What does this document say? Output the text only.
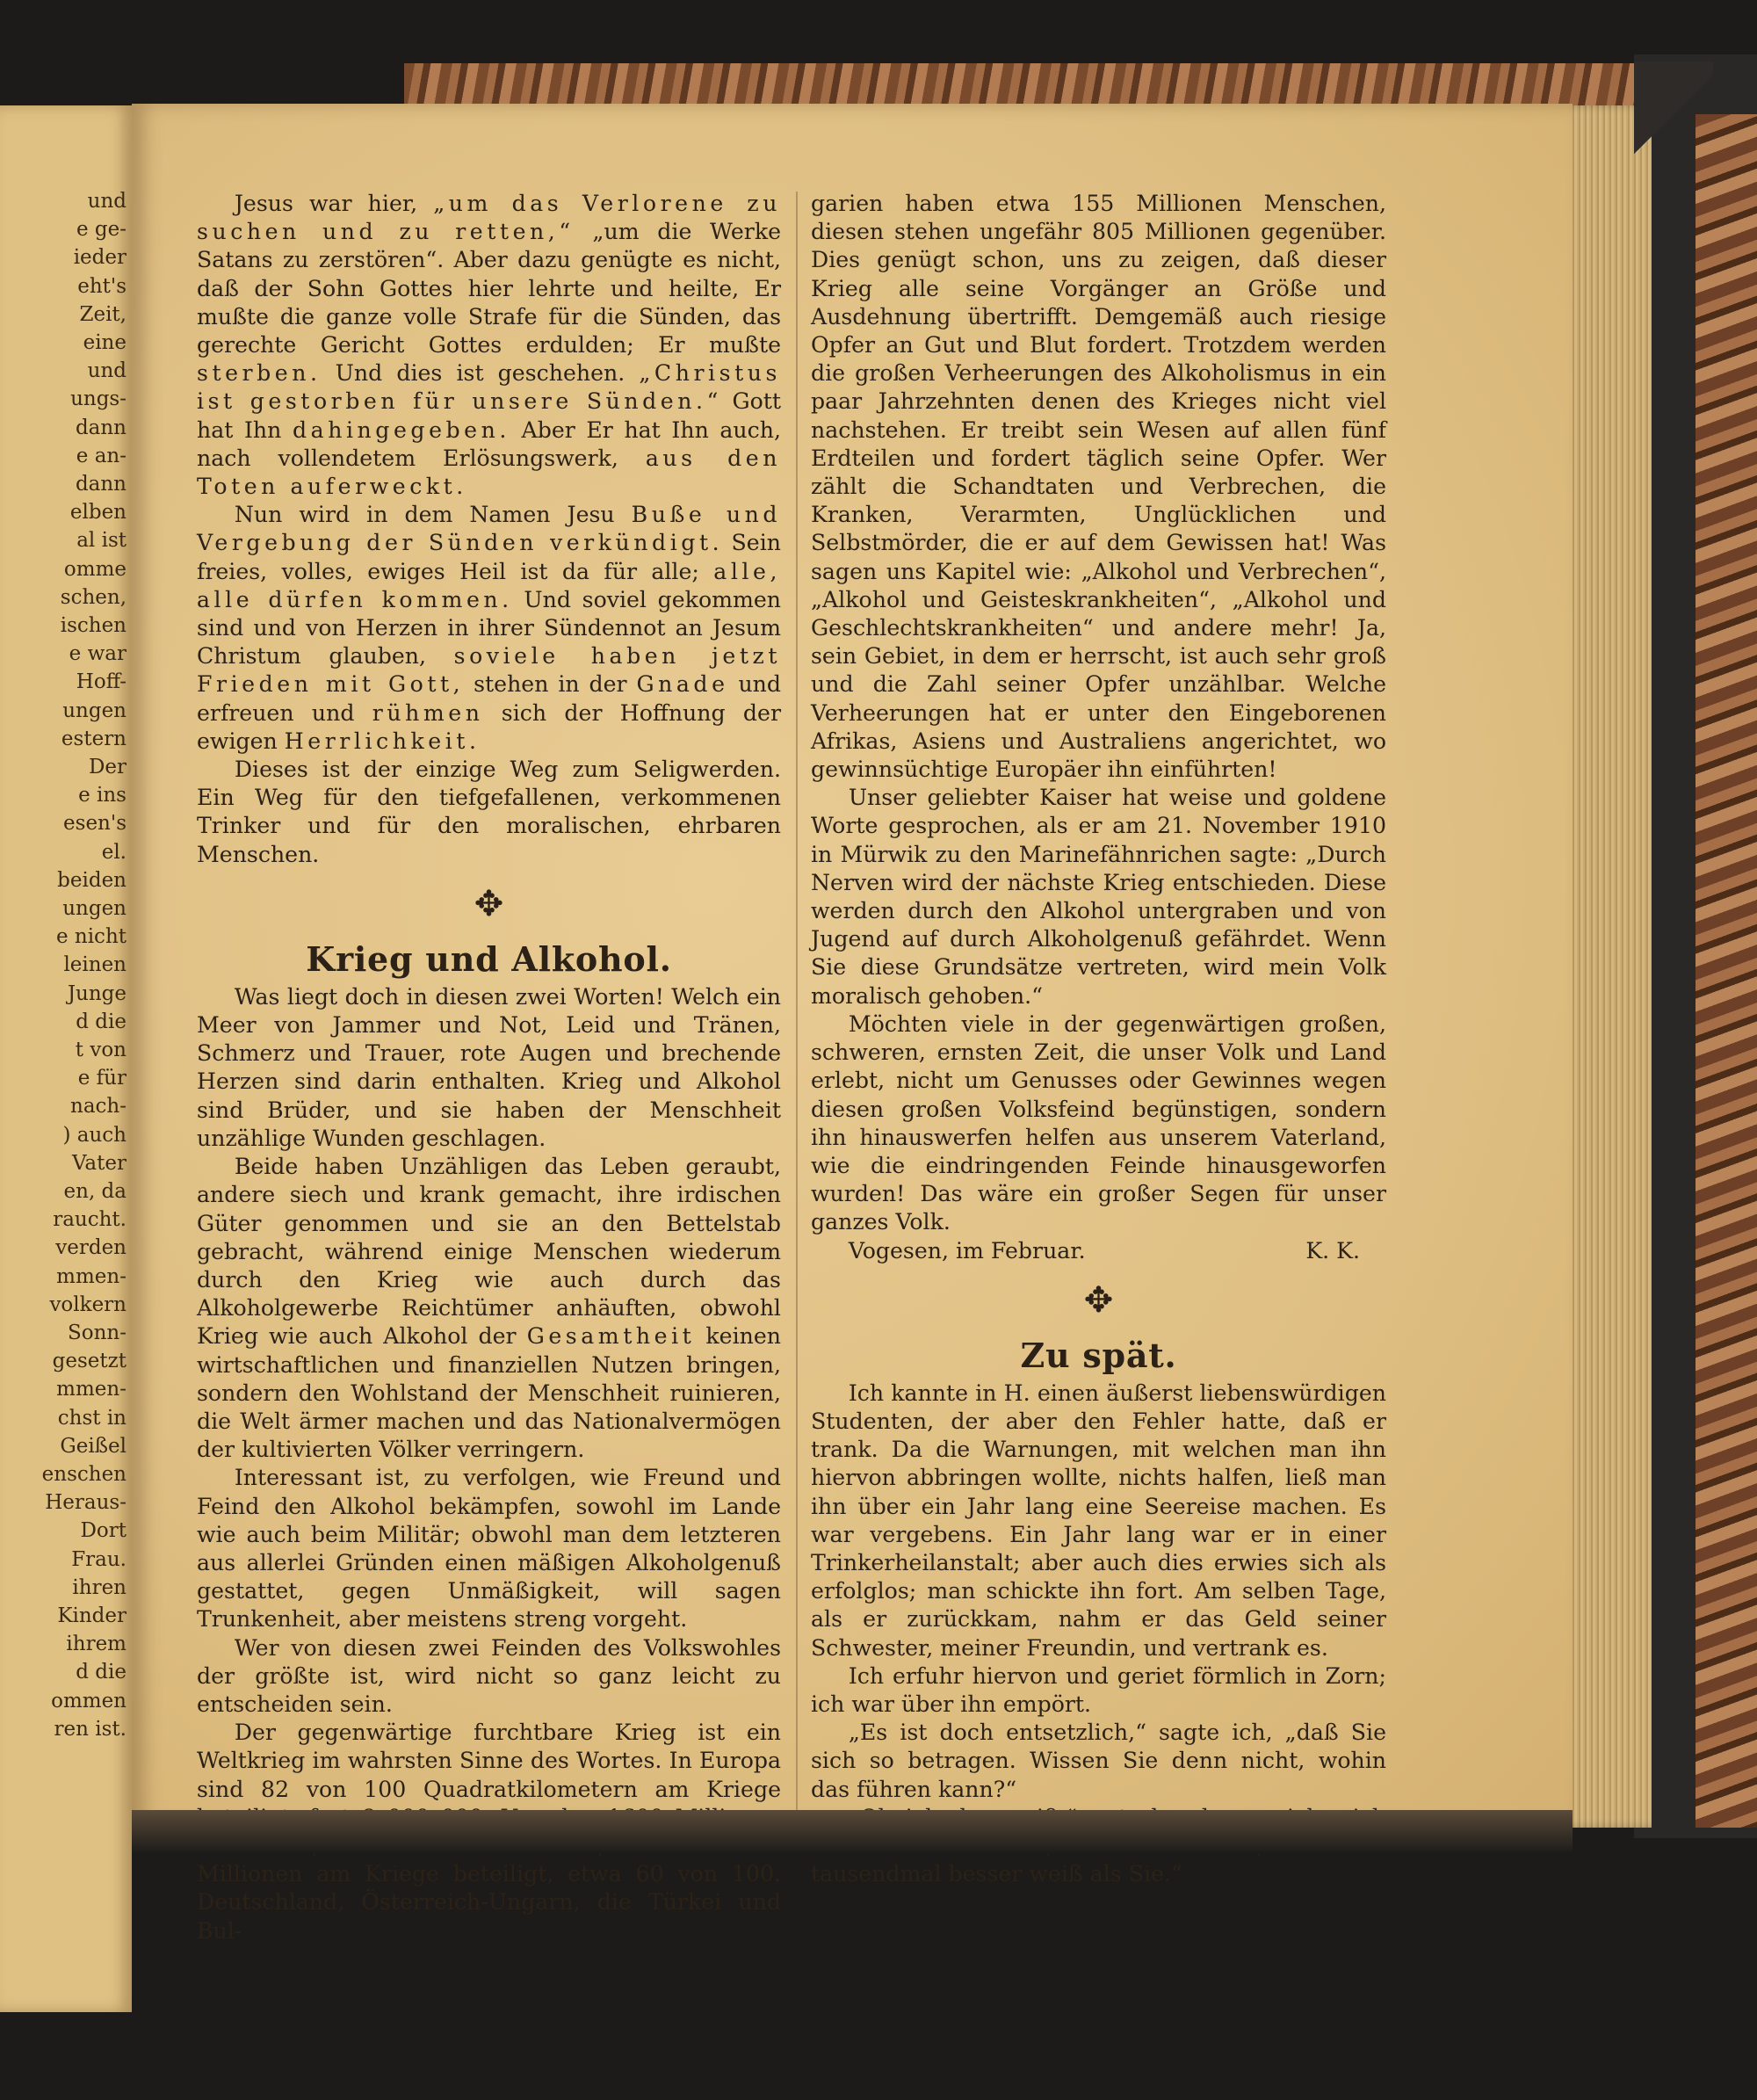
und
e ge-
ieder
eht's
Zeit,
eine
und
ungs-
dann
e an-
dann
elben
al ist
omme
schen,
ischen
e war
Hoff-
ungen
estern
Der
e ins
esen's
el.
beiden
ungen
e nicht
leinen
Junge
d die
t von
e für
nach-
) auch
Vater
en, da
raucht.
verden
mmen-
volkern
Sonn-
gesetzt
mmen-
chst in
Geißel
enschen
Heraus-
Dort
Frau.
ihren
Kinder
ihrem
d die
ommen
ren ist.

Jesus war hier, „um das Verlorene zu suchen und zu retten,“ „um die Werke Satans zu zerstören“. Aber dazu genügte es nicht, daß der Sohn Gottes hier lehrte und heilte, Er mußte die ganze volle Strafe für die Sünden, das gerechte Gericht Gottes erdulden; Er mußte sterben. Und dies ist geschehen. „Christus ist gestorben für unsere Sünden.“ Gott hat Ihn dahingegeben. Aber Er hat Ihn auch, nach vollendetem Erlösungswerk, aus den Toten auferweckt.

Nun wird in dem Namen Jesu Buße und Vergebung der Sünden verkündigt. Sein freies, volles, ewiges Heil ist da für alle; alle, alle dürfen kommen. Und soviel gekommen sind und von Herzen in ihrer Sündennot an Jesum Christum glauben, soviele haben jetzt Frieden mit Gott, stehen in der Gnade und erfreuen und rühmen sich der Hoffnung der ewigen Herrlichkeit.

Dieses ist der einzige Weg zum Seligwerden. Ein Weg für den tiefgefallenen, verkommenen Trinker und für den moralischen, ehrbaren Menschen.

✥
Krieg und Alkohol.

Was liegt doch in diesen zwei Worten! Welch ein Meer von Jammer und Not, Leid und Tränen, Schmerz und Trauer, rote Augen und brechende Herzen sind darin enthalten. Krieg und Alkohol sind Brüder, und sie haben der Menschheit unzählige Wunden geschlagen.

Beide haben Unzähligen das Leben geraubt, andere siech und krank gemacht, ihre irdischen Güter genommen und sie an den Bettelstab gebracht, während einige Menschen wiederum durch den Krieg wie auch durch das Alkoholgewerbe Reichtümer anhäuften, obwohl Krieg wie auch Alkohol der Gesamtheit keinen wirtschaftlichen und finanziellen Nutzen bringen, sondern den Wohlstand der Menschheit ruinieren, die Welt ärmer machen und das Nationalvermögen der kultivierten Völker verringern.

Interessant ist, zu verfolgen, wie Freund und Feind den Alkohol bekämpfen, sowohl im Lande wie auch beim Militär; obwohl man dem letzteren aus allerlei Gründen einen mäßigen Alkoholgenuß gestattet, gegen Unmäßigkeit, will sagen Trunkenheit, aber meistens streng vorgeht.

Wer von diesen zwei Feinden des Volkswohles der größte ist, wird nicht so ganz leicht zu entscheiden sein.

Der gegenwärtige furchtbare Krieg ist ein Weltkrieg im wahrsten Sinne des Wortes. In Europa sind 82 von 100 Quadratkilometern am Kriege Millionen am Kriege beteiligt, etwa 60 von 100. Deutschland, Österreich-Ungarn, die Türkei und Bul-

garien haben etwa 155 Millionen Menschen, diesen stehen ungefähr 805 Millionen gegenüber. Dies genügt schon, uns zu zeigen, daß dieser Krieg alle seine Vorgänger an Größe und Ausdehnung übertrifft. Demgemäß auch riesige Opfer an Gut und Blut fordert. Trotzdem werden die großen Verheerungen des Alkoholismus in ein paar Jahrzehnten denen des Krieges nicht viel nachstehen. Er treibt sein Wesen auf allen fünf Erdteilen und fordert täglich seine Opfer. Wer zählt die Schandtaten und Verbrechen, die Kranken, Verarmten, Unglücklichen und Selbstmörder, die er auf dem Gewissen hat! Was sagen uns Kapitel wie: „Alkohol und Verbrechen“, „Alkohol und Geisteskrankheiten“, „Alkohol und Geschlechtskrankheiten“ und andere mehr! Ja, sein Gebiet, in dem er herrscht, ist auch sehr groß und die Zahl seiner Opfer unzählbar. Welche Verheerungen hat er unter den Eingeborenen Afrikas, Asiens und Australiens angerichtet, wo gewinnsüchtige Europäer ihn einführten!

Unser geliebter Kaiser hat weise und goldene Worte gesprochen, als er am 21. November 1910 in Mürwik zu den Marinefähnrichen sagte: „Durch Nerven wird der nächste Krieg entschieden. Diese werden durch den Alkohol untergraben und von Jugend auf durch Alkoholgenuß gefährdet. Wenn Sie diese Grundsätze vertreten, wird mein Volk moralisch gehoben.“

Möchten viele in der gegenwärtigen großen, schweren, ernsten Zeit, die unser Volk und Land erlebt, nicht um Genusses oder Gewinnes wegen diesen großen Volksfeind begünstigen, sondern ihn hinauswerfen helfen aus unserem Vaterland, wie die eindringenden Feinde hinausgeworfen wurden! Das wäre ein großer Segen für unser ganzes Volk.

Vogesen, im Februar.	K. K.
✥
Zu spät.

Ich kannte in H. einen äußerst liebenswürdigen Studenten, der aber den Fehler hatte, daß er trank. Da die Warnungen, mit welchen man ihn hiervon abbringen wollte, nichts halfen, ließ man ihn über ein Jahr lang eine Seereise machen. Es war vergebens. Ein Jahr lang war er in einer Trinkerheilanstalt; aber auch dies erwies sich als erfolglos; man schickte ihn fort. Am selben Tage, als er zurückkam, nahm er das Geld seiner Schwester, meiner Freundin, und vertrank es.

Ich erfuhr hiervon und geriet förmlich in Zorn; ich war über ihn empört.

„Es ist doch entsetzlich,“ sagte ich, „daß Sie sich so betragen. Wissen Sie denn nicht, wohin das führen kann?“

tausendmal besser weiß als Sie.“
